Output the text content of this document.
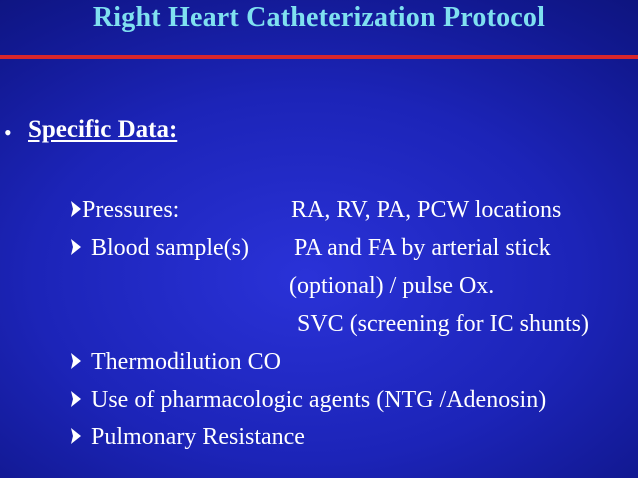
Right Heart Catheterization Protocol
• Specific Data:
Pressures:	RA, RV, PA, PCW locations
Blood sample(s) PA and FA by arterial stick
(optional) / pulse Ox.
SVC (screening for IC shunts)
Thermodilution CO
Use of pharmacologic agents (NTG /Adenosin)
Pulmonary Resistance
